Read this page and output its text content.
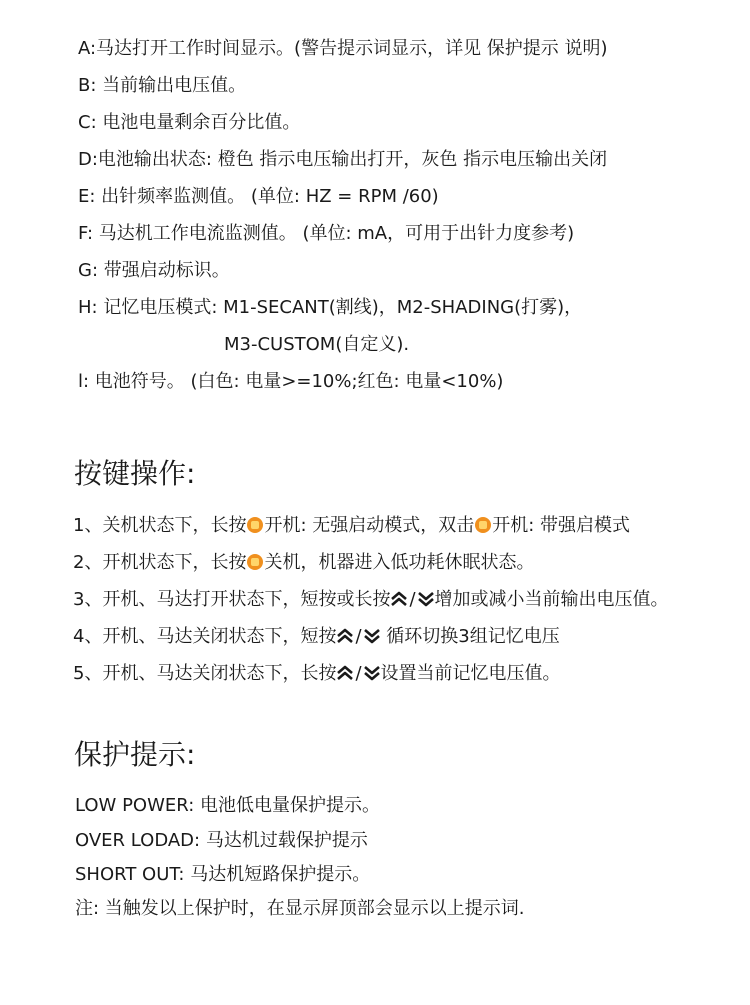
A:马达打开工作时间显示。(警告提示词显示，详见 保护提示 说明)
B: 当前输出电压值。
C: 电池电量剩余百分比值。
D:电池输出状态: 橙色 指示电压输出打开，灰色 指示电压输出关闭
E: 出针频率监测值。 (单位: HZ = RPM /60)
F: 马达机工作电流监测值。 (单位: mA，可用于出针力度参考)
G: 带强启动标识。
H: 记忆电压模式: M1-SECANT(割线)，M2-SHADING(打雾)，
M3-CUSTOM(自定义).
l: 电池符号。 (白色: 电量>=10%;红色: 电量<10%)
按键操作:
1、关机状态下，长按 开机: 无强启动模式，双击 开机: 带强启模式
2、开机状态下，长按 关机，机器进入低功耗休眠状态。
3、开机、马达打开状态下，短按或长按 / 增加或减小当前输出电压值。
4、开机、马达关闭状态下，短按 /
循环切换3组记忆电压
5、开机、马达关闭状态下，长按 / 设置当前记忆电压值。
保护提示:
LOW POWER: 电池低电量保护提示。
OVER LODAD: 马达机过载保护提示
SHORT OUT: 马达机短路保护提示。
注: 当触发以上保护时，在显示屏顶部会显示以上提示词.
